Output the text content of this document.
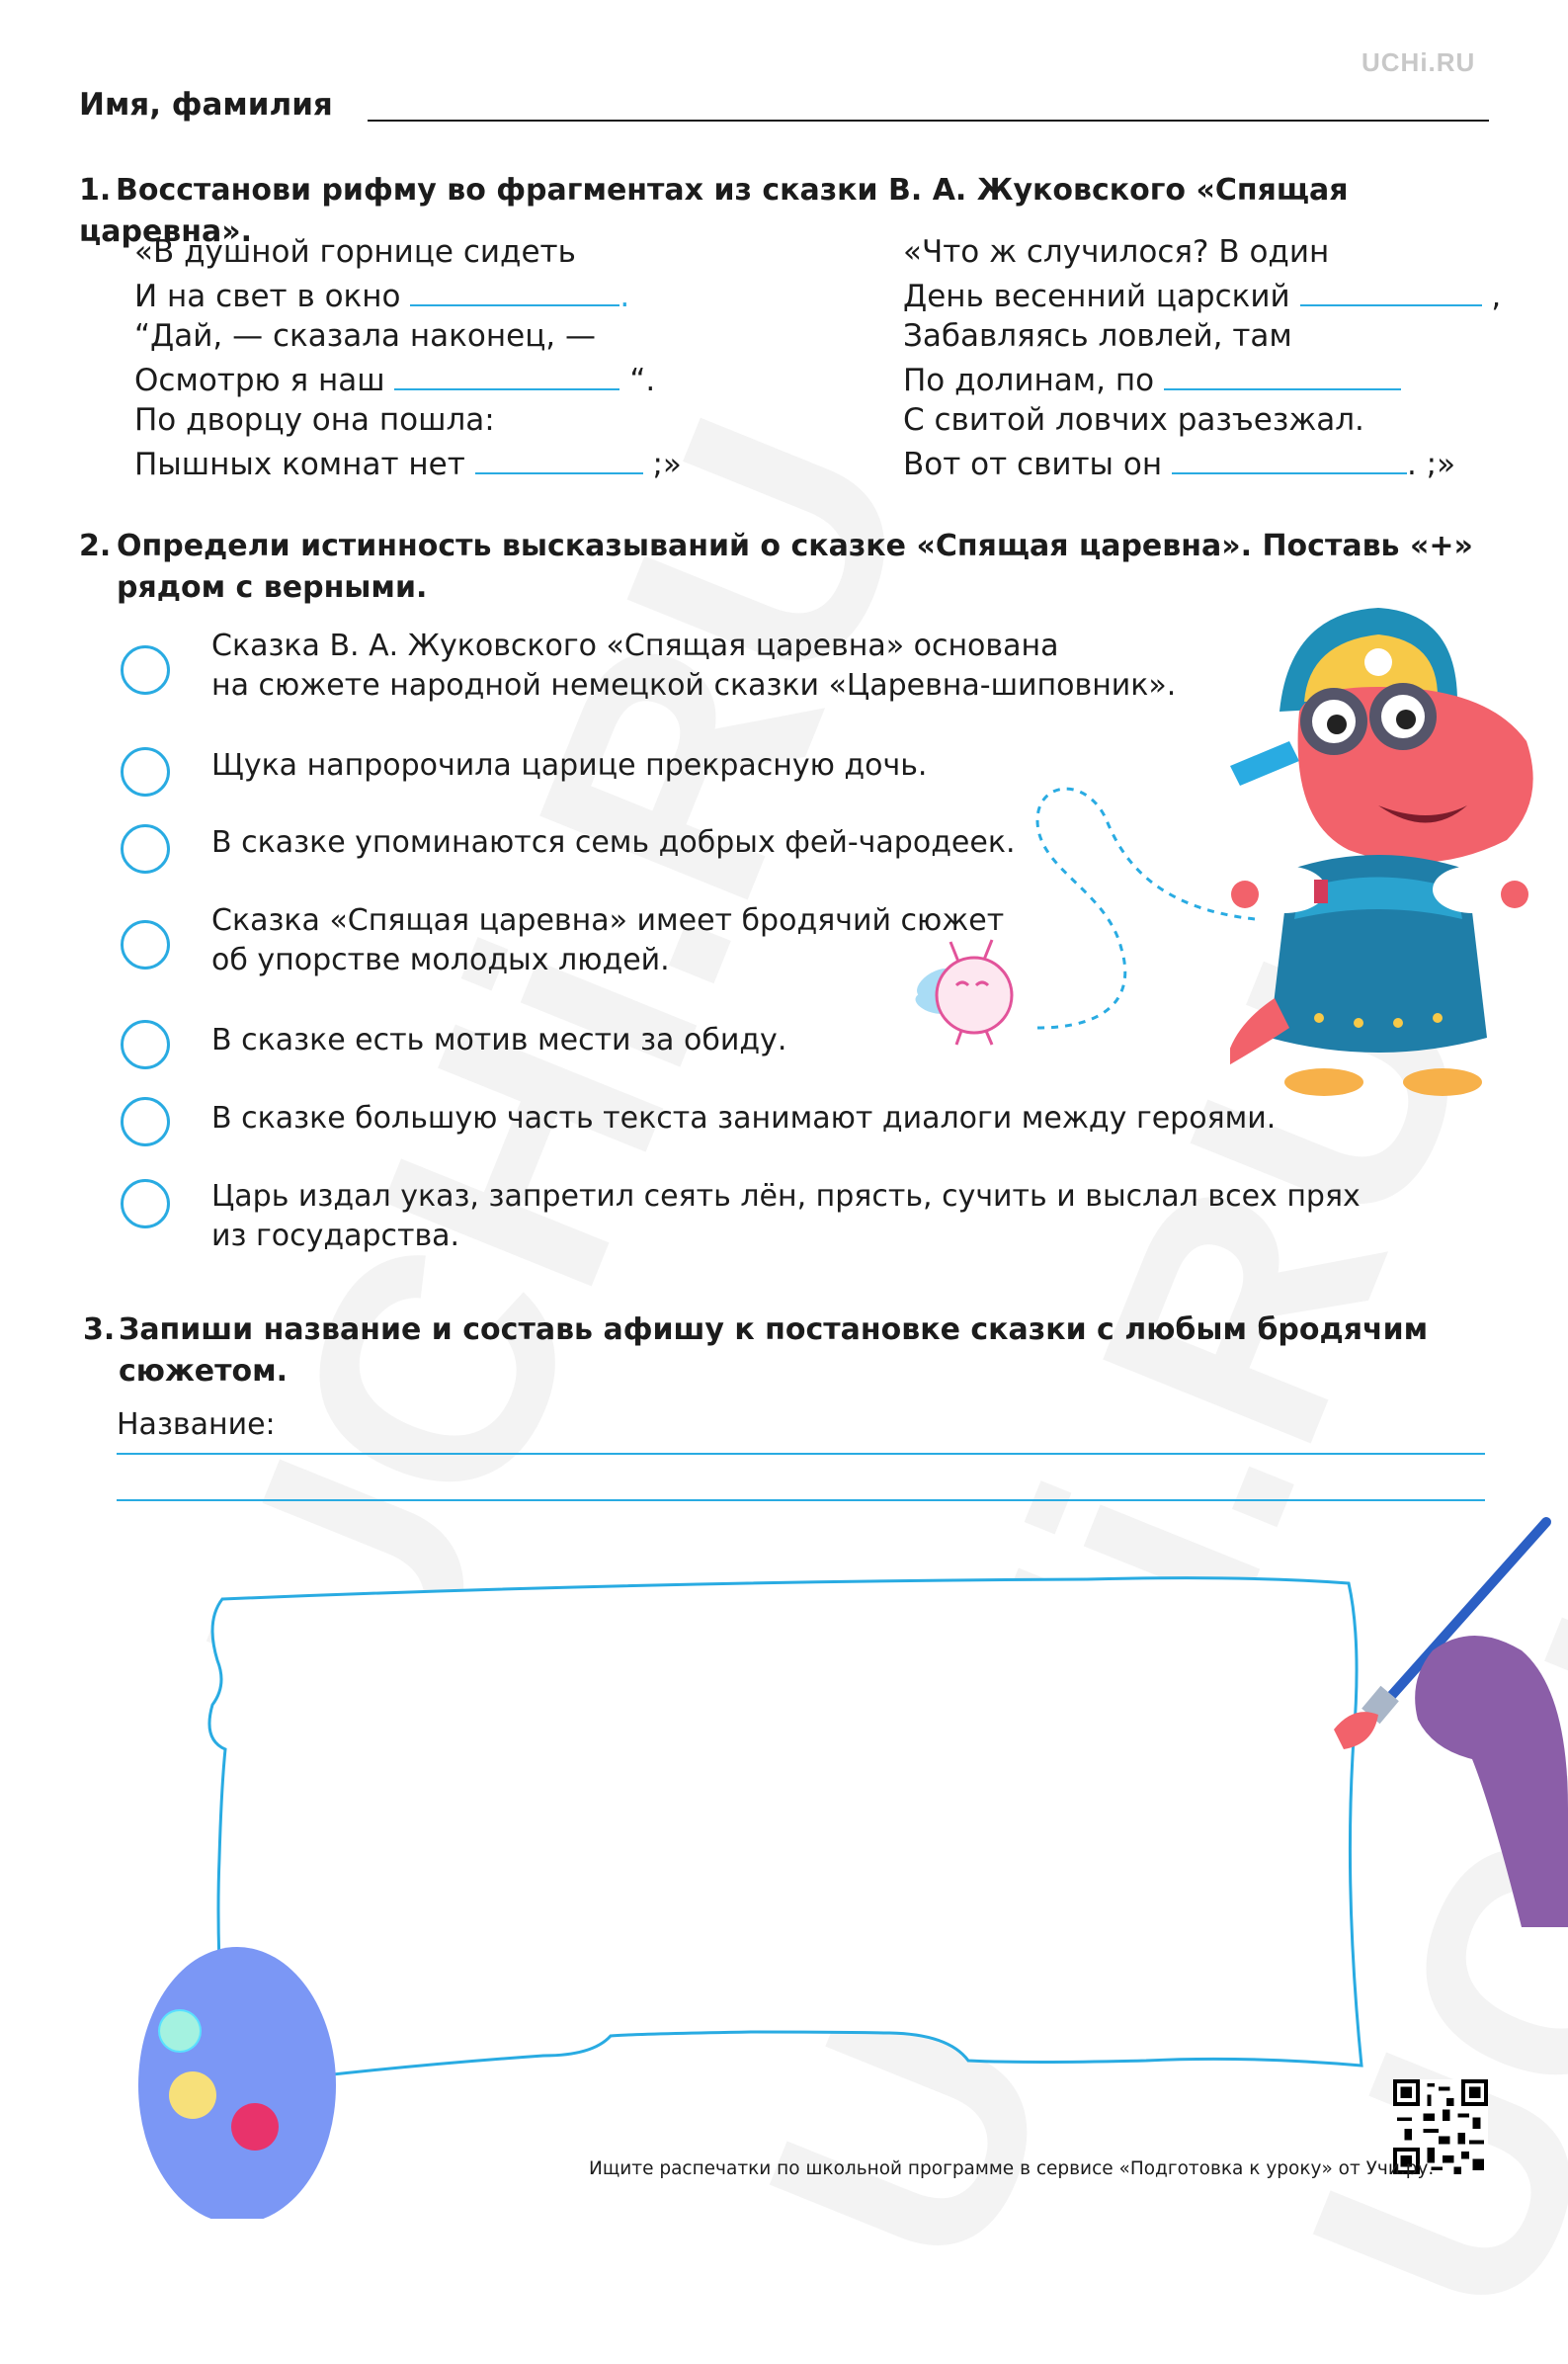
UCHi.RU
Имя, фамилия
1. Восстанови рифму во фрагментах из сказки В. А. Жуковского «Спящая царевна».
«В душной горнице сидеть
И на свет в окно	.
“Дай, — сказала наконец, —
Осмотрю я наш	“.
По дворцу она пошла:
Пышных комнат нет	;»
«Что ж случилося? В один
День весенний царский	,
Забавляясь ловлей, там
По долинам, по
С свитой ловчих разъезжал.
Вот от свиты он	. ;»
2. Определи истинность высказываний о сказке «Спящая царевна». Поставь «+»
рядом с верными.
Сказка В. А. Жуковского «Спящая царевна» основана
на сюжете народной немецкой сказки «Царевна-шиповник».
Щука напророчила царице прекрасную дочь.
В сказке упоминаются семь добрых фей-чародеек.
Сказка «Спящая царевна» имеет бродячий сюжет
об упорстве молодых людей.
В сказке есть мотив мести за обиду.
В сказке большую часть текста занимают диалоги между героями.
Царь издал указ, запретил сеять лён, прясть, сучить и выслал всех прях
из государства.
3. Запиши название и составь афишу к постановке сказки с любым бродячим
сюжетом.
Название:
Ищите распечатки по школьной программе в сервисе «Подготовка к уроку» от Учи.ру.
